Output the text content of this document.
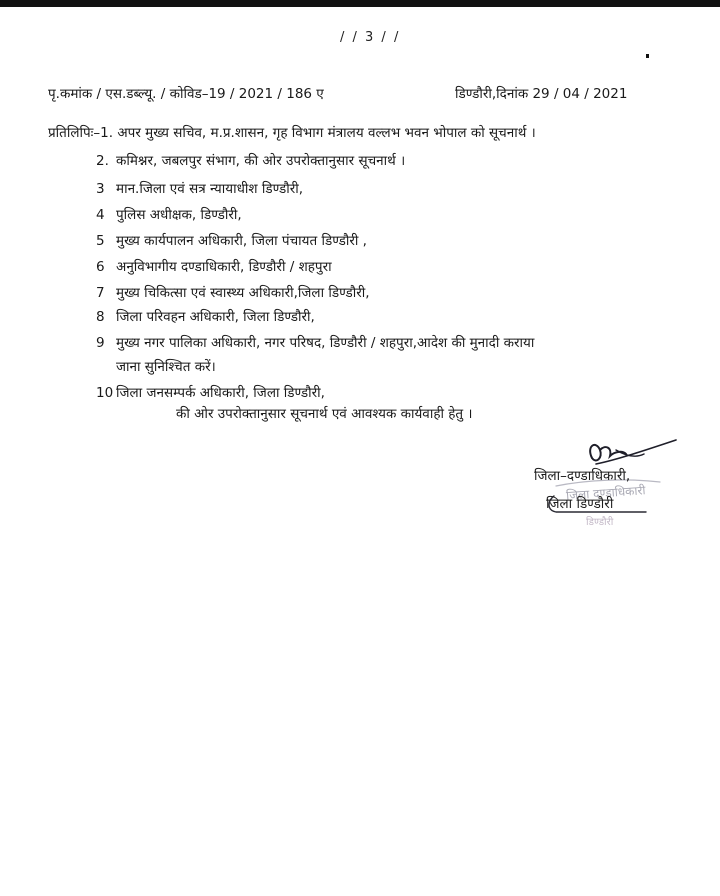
/ / 3 / /
पृ.कमांक / एस.डब्ल्यू. / कोविड–19 / 2021 / 186 ए	डिण्डौरी,दिनांक 29 / 04 / 2021
प्रतिलिपिः–1. अपर मुख्य सचिव, म.प्र.शासन, गृह विभाग मंत्रालय वल्लभ भवन भोपाल को सूचनार्थ ।
2. कमिश्नर, जबलपुर संभाग, की ओर उपरोक्तानुसार सूचनार्थ ।
3 मान.जिला एवं सत्र न्यायाधीश डिण्डौरी,
4 पुलिस अधीक्षक, डिण्डौरी,
5 मुख्य कार्यपालन अधिकारी, जिला पंचायत डिण्डौरी ,
6 अनुविभागीय दण्डाधिकारी, डिण्डौरी / शहपुरा
7 मुख्य चिकित्सा एवं स्वास्थ्य अधिकारी,जिला डिण्डौरी,
8 जिला परिवहन अधिकारी, जिला डिण्डौरी,
9 मुख्य नगर पालिका अधिकारी, नगर परिषद, डिण्डौरी / शहपुरा,आदेश की मुनादी कराया
जाना सुनिश्चित करें।
10 जिला जनसम्पर्क अधिकारी, जिला डिण्डौरी,
की ओर उपरोक्तानुसार सूचनार्थ एवं आवश्यक कार्यवाही हेतु ।
जिला–दण्डाधिकारी,
जिला दण्डाधिकारी
जिला डिण्डौरी
डिण्डौरी
